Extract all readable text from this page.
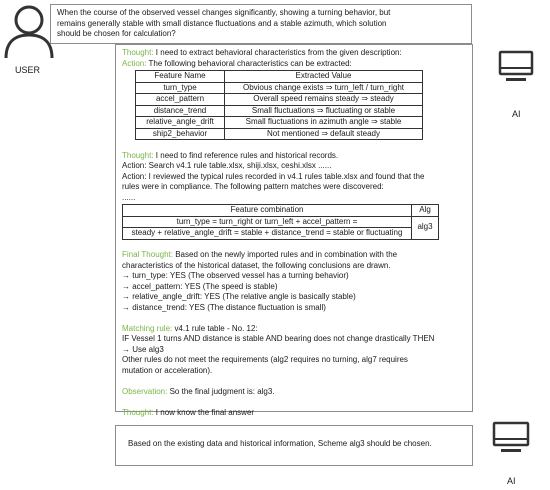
USER
When the course of the observed vessel changes significantly, showing a turning behavior, but
remains generally stable with small distance fluctuations and a stable azimuth, which solution
should be chosen for calculation?
AI
Thought: I need to extract behavioral characteristics from the given description:
Action: The following behavioral characteristics can be extracted:
Feature Name	Extracted Value
turn_type	Obvious change exists ⇒ turn_left / turn_right
accel_pattern	Overall speed remains steady ⇒ steady
distance_trend	Small fluctuations ⇒ fluctuating or stable
relative_angle_drift	Small fluctuations in azimuth angle ⇒ stable
ship2_behavior	Not mentioned ⇒ default steady
Thought: I need to find reference rules and historical records.
Action: Search v4.1 rule table.xlsx, shiji.xlsx, ceshi.xlsx ......
Action: I reviewed the typical rules recorded in v4.1 rules table.xlsx and found that the
rules were in compliance. The following pattern matches were discovered:
......
Feature combination	Alg

turn_type = turn_right or turn_left + accel_pattern =
steady + relative_angle_drift = stable + distance_trend = stable or fluctuating	alg3
Final Thought: Based on the newly imported rules and in combination with the
characteristics of the historical dataset, the following conclusions are drawn.
→ turn_type: YES (The observed vessel has a turning behavior)
→ accel_pattern: YES (The speed is stable)
→ relative_angle_drift: YES (The relative angle is basically stable)
→ distance_trend: YES (The distance fluctuation is small)
Matching rule: v4.1 rule table - No. 12:
IF Vessel 1 turns AND distance is stable AND bearing does not change drastically THEN
→ Use alg3
Other rules do not meet the requirements (alg2 requires no turning, alg7 requires
mutation or acceleration).
Observation: So the final judgment is: alg3.
Thought: I now know the final answer
Based on the existing data and historical information, Scheme alg3 should be chosen.
AI
